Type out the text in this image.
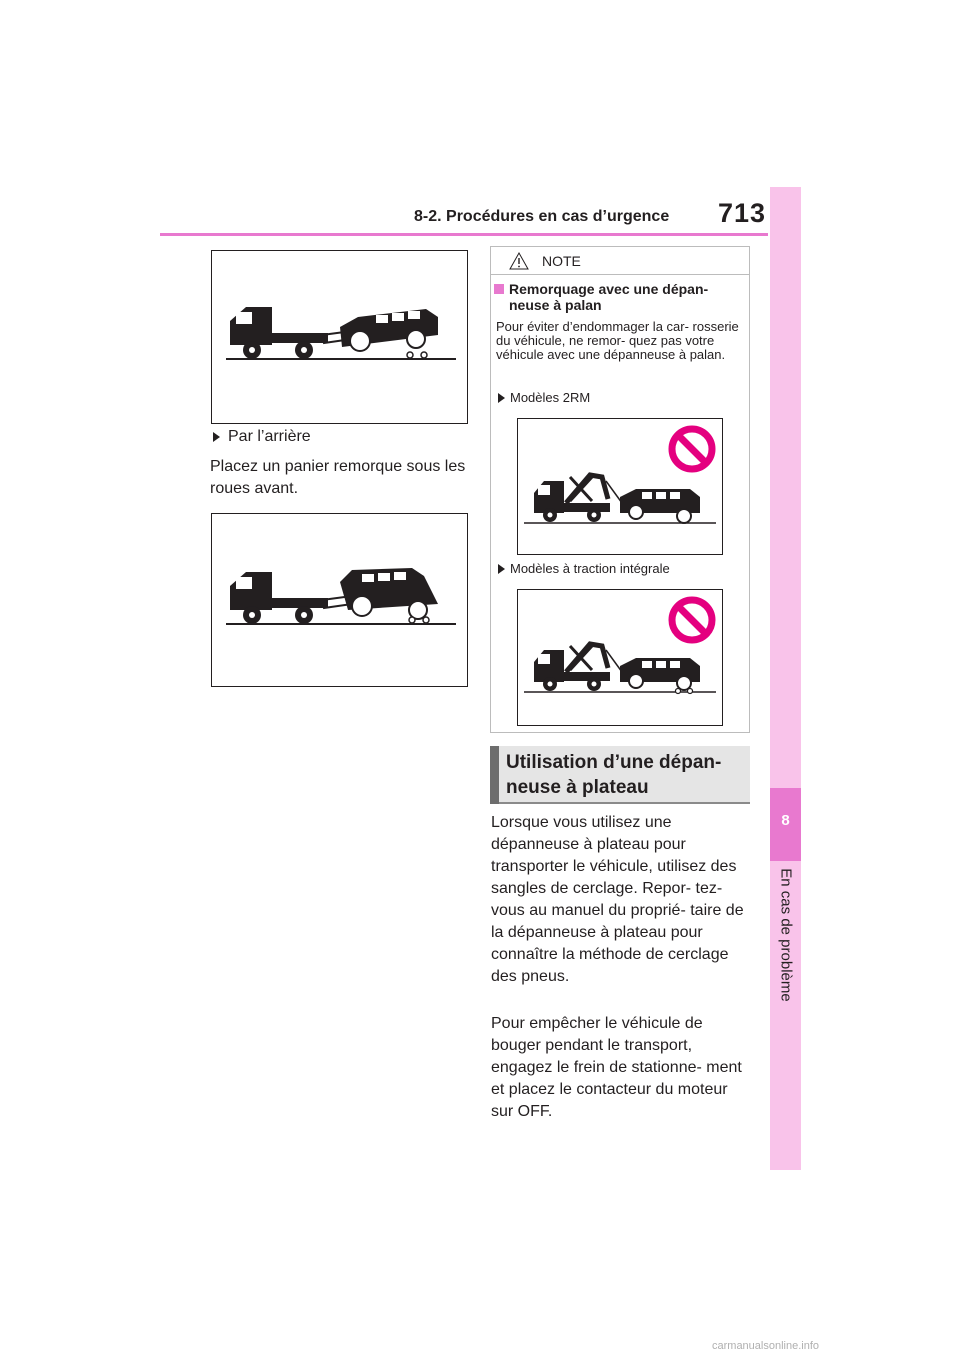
8-2. Procédures en cas d’urgence 713
8
En cas de problème
Par l’arrière
Placez un panier remorque sous les roues avant.
NOTE
Remorquage avec une dépan- neuse à palan
Pour éviter d’endommager la car- rosserie du véhicule, ne remor- quez pas votre véhicule avec une dépanneuse à palan.
Modèles 2RM
Modèles à traction intégrale
Utilisation d’une dépan- neuse à plateau
Lorsque vous utilisez une dépanneuse à plateau pour transporter le véhicule, utilisez des sangles de cerclage. Repor- tez-vous au manuel du proprié- taire de la dépanneuse à plateau pour connaître la méthode de cerclage des pneus.
Pour empêcher le véhicule de bouger pendant le transport, engagez le frein de stationne- ment et placez le contacteur du moteur sur OFF.
carmanualsonline.info
